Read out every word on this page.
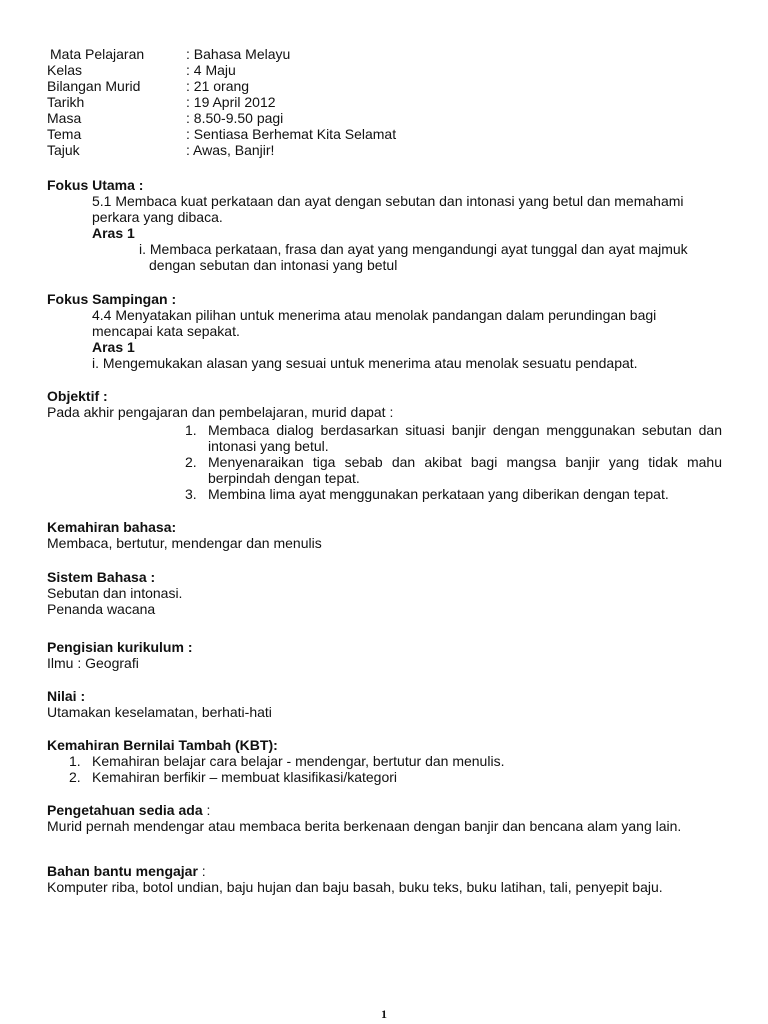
Mata Pelajaran	: Bahasa Melayu
Kelas	: 4 Maju
Bilangan Murid	: 21 orang
Tarikh	: 19 April 2012
Masa	: 8.50-9.50 pagi
Tema	: Sentiasa Berhemat Kita Selamat
Tajuk	: Awas, Banjir!
Fokus Utama :
5.1 Membaca kuat perkataan dan ayat dengan sebutan dan intonasi yang betul dan memahami
perkara yang dibaca.
Aras 1
i. Membaca perkataan, frasa dan ayat yang mengandungi ayat tunggal dan ayat majmuk
dengan sebutan dan intonasi yang betul
Fokus Sampingan :
4.4 Menyatakan pilihan untuk menerima atau menolak pandangan dalam perundingan bagi
mencapai kata sepakat.
Aras 1
i. Mengemukakan alasan yang sesuai untuk menerima atau menolak sesuatu pendapat.
Objektif :
Pada akhir pengajaran dan pembelajaran, murid dapat :
1. Membaca dialog berdasarkan situasi banjir dengan menggunakan sebutan dan intonasi yang betul.
2. Menyenaraikan tiga sebab dan akibat bagi mangsa banjir yang tidak mahu berpindah dengan tepat.
3. Membina lima ayat menggunakan perkataan yang diberikan dengan tepat.
Kemahiran bahasa:
Membaca, bertutur, mendengar dan menulis
Sistem Bahasa :
Sebutan dan intonasi.
Penanda wacana
Pengisian kurikulum :
Ilmu : Geografi
Nilai :
Utamakan keselamatan, berhati-hati
Kemahiran Bernilai Tambah (KBT):
1. Kemahiran belajar cara belajar - mendengar, bertutur dan menulis.
2. Kemahiran berfikir – membuat klasifikasi/kategori
Pengetahuan sedia ada :
Murid pernah mendengar atau membaca berita berkenaan dengan banjir dan bencana alam yang lain.
Bahan bantu mengajar :
Komputer riba, botol undian, baju hujan dan baju basah, buku teks, buku latihan, tali, penyepit baju.
1
